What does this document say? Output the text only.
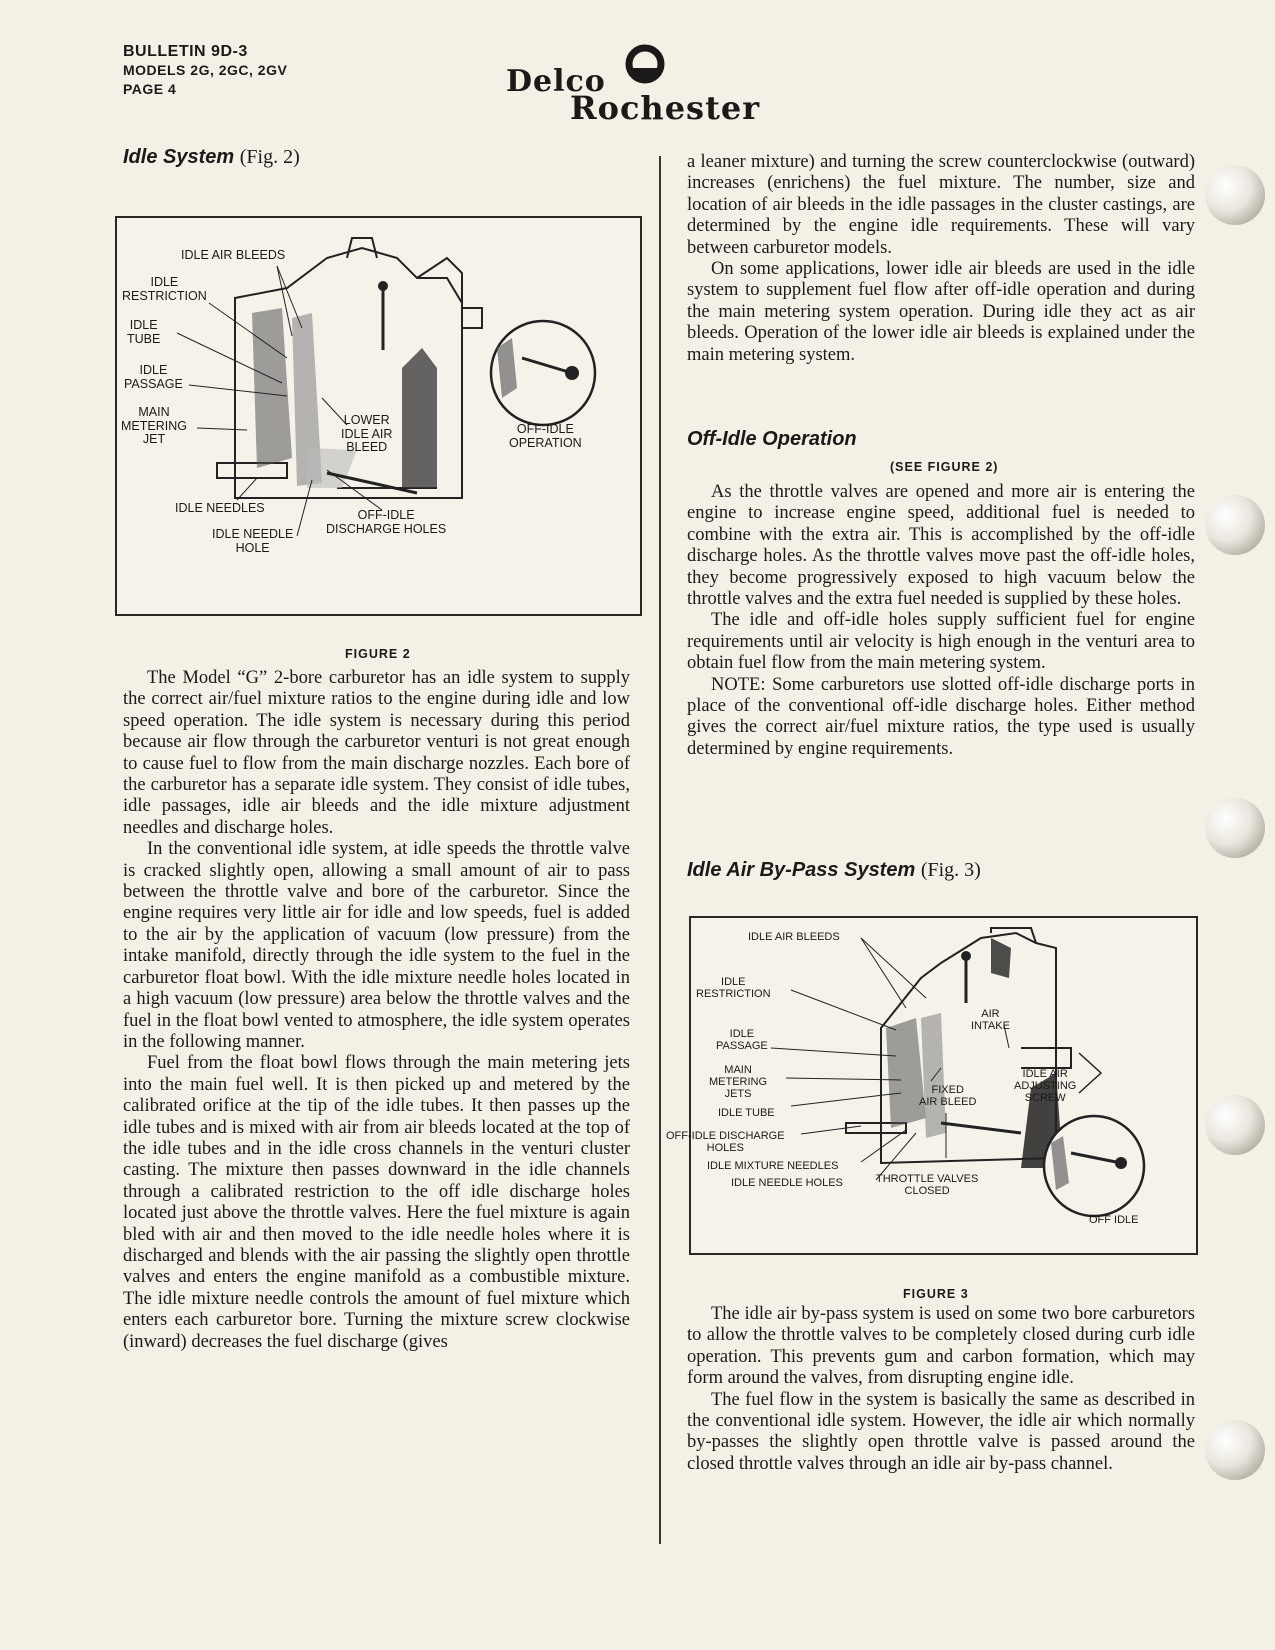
BULLETIN 9D-3
MODELS 2G, 2GC, 2GV
PAGE 4	Delco
Rochester
Idle System (Fig. 2)
IDLE AIR BLEEDS
IDLE
RESTRICTION
IDLE
TUBE
IDLE
PASSAGE
MAIN
METERING
JET
LOWER
IDLE AIR
BLEED
OFF-IDLE
OPERATION
IDLE NEEDLES
IDLE NEEDLE
HOLE
OFF-IDLE
DISCHARGE HOLES
FIGURE 2

The Model “G” 2-bore carburetor has an idle system to supply the correct air/fuel mixture ratios to the engine during idle and low speed operation. The idle system is necessary during this period because air flow through the carburetor venturi is not great enough to cause fuel to flow from the main discharge nozzles. Each bore of the carburetor has a separate idle system. They consist of idle tubes, idle passages, idle air bleeds and the idle mixture adjustment needles and discharge holes.

In the conventional idle system, at idle speeds the throttle valve is cracked slightly open, allowing a small amount of air to pass between the throttle valve and bore of the carburetor. Since the engine requires very little air for idle and low speeds, fuel is added to the air by the application of vacuum (low pressure) from the intake manifold, directly through the idle system to the fuel in the carburetor float bowl. With the idle mixture needle holes located in a high vacuum (low pressure) area below the throttle valves and the fuel in the float bowl vented to atmosphere, the idle system operates in the following manner.

Fuel from the float bowl flows through the main metering jets into the main fuel well. It is then picked up and metered by the calibrated orifice at the tip of the idle tubes. It then passes up the idle tubes and is mixed with air from air bleeds located at the top of the idle tubes and in the idle cross channels in the venturi cluster casting. The mixture then passes downward in the idle channels through a calibrated restriction to the off idle discharge holes located just above the throttle valves. Here the fuel mixture is again bled with air and then moved to the idle needle holes where it is discharged and blends with the air passing the slightly open throttle valves and enters the engine manifold as a combustible mixture. The idle mixture needle controls the amount of fuel mixture which enters each carburetor bore. Turning the mixture screw clockwise (inward) decreases the fuel discharge (gives

a leaner mixture) and turning the screw counterclockwise (outward) increases (enrichens) the fuel mixture. The number, size and location of air bleeds in the idle passages in the cluster castings, are determined by the engine idle requirements. These will vary between carburetor models.

On some applications, lower idle air bleeds are used in the idle system to supplement fuel flow after off-idle operation and during the main metering system operation. During idle they act as air bleeds. Operation of the lower idle air bleeds is explained under the main metering system.

Off-Idle Operation
(SEE FIGURE 2)

As the throttle valves are opened and more air is entering the engine to increase engine speed, additional fuel is needed to combine with the extra air. This is accomplished by the off-idle discharge holes. As the throttle valves move past the off-idle holes, they become progressively exposed to high vacuum below the throttle valves and the extra fuel needed is supplied by these holes.

The idle and off-idle holes supply sufficient fuel for engine requirements until air velocity is high enough in the venturi area to obtain fuel flow from the main metering system.

NOTE: Some carburetors use slotted off-idle discharge ports in place of the conventional off-idle discharge holes. Either method gives the correct air/fuel mixture ratios, the type used is usually determined by engine requirements.

Idle Air By-Pass System (Fig. 3)
IDLE AIR BLEEDS
IDLE
RESTRICTION
IDLE
PASSAGE
MAIN
METERING
JETS
IDLE TUBE
OFF-IDLE DISCHARGE
HOLES
IDLE MIXTURE NEEDLES
IDLE NEEDLE HOLES
AIR
INTAKE
FIXED
AIR BLEED
IDLE AIR
ADJUSTING
SCREW
THROTTLE VALVES
CLOSED
OFF IDLE
FIGURE 3

The idle air by-pass system is used on some two bore carburetors to allow the throttle valves to be completely closed during curb idle operation. This prevents gum and carbon formation, which may form around the valves, from disrupting engine idle.

The fuel flow in the system is basically the same as described in the conventional idle system. However, the idle air which normally by-passes the slightly open throttle valve is passed around the closed throttle valves through an idle air by-pass channel.
